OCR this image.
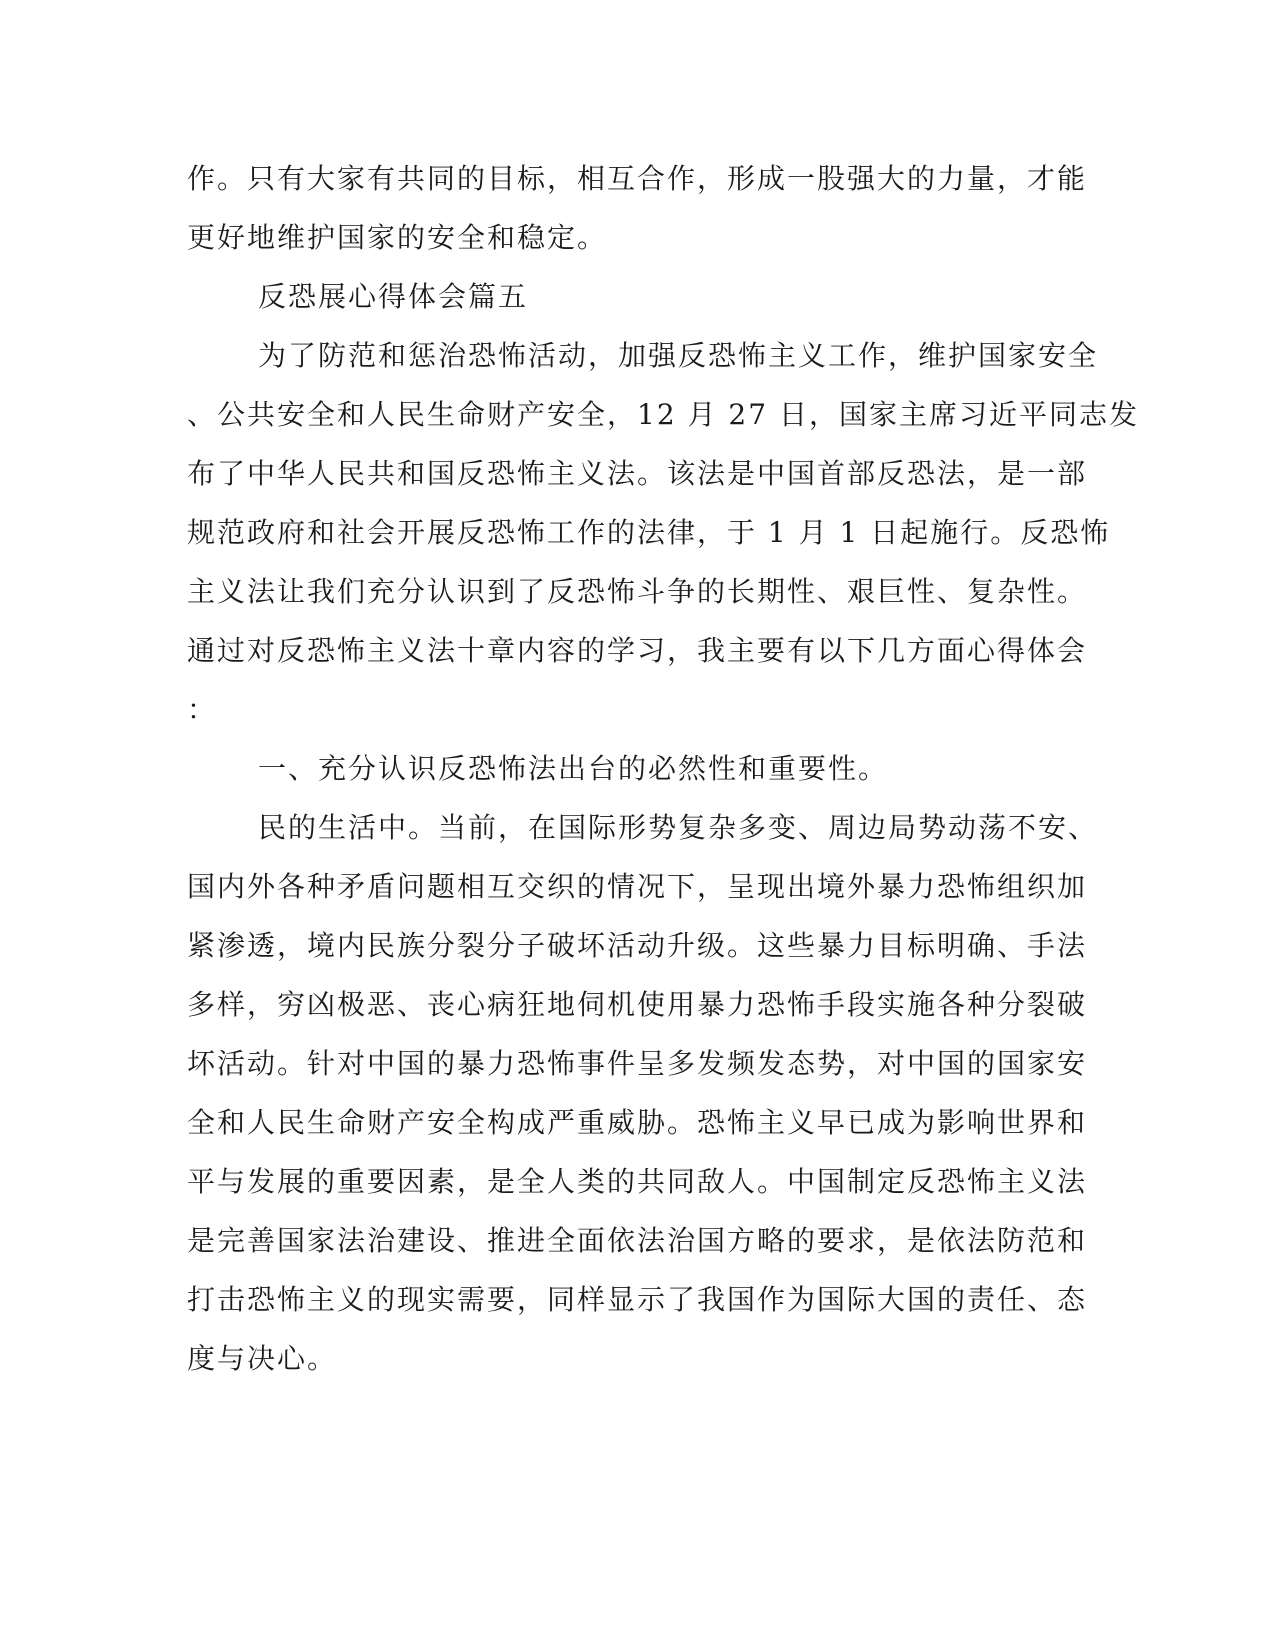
作。只有大家有共同的目标，相互合作，形成一股强大的力量，才能
更好地维护国家的安全和稳定。
反恐展心得体会篇五
为了防范和惩治恐怖活动，加强反恐怖主义工作，维护国家安全
、公共安全和人民生命财产安全，12 月 27 日，国家主席习近平同志发
布了中华人民共和国反恐怖主义法。该法是中国首部反恐法，是一部
规范政府和社会开展反恐怖工作的法律，于 1 月 1 日起施行。反恐怖
主义法让我们充分认识到了反恐怖斗争的长期性、艰巨性、复杂性。
通过对反恐怖主义法十章内容的学习，我主要有以下几方面心得体会
：
一、充分认识反恐怖法出台的必然性和重要性。
民的生活中。当前，在国际形势复杂多变、周边局势动荡不安、
国内外各种矛盾问题相互交织的情况下，呈现出境外暴力恐怖组织加
紧渗透，境内民族分裂分子破坏活动升级。这些暴力目标明确、手法
多样，穷凶极恶、丧心病狂地伺机使用暴力恐怖手段实施各种分裂破
坏活动。针对中国的暴力恐怖事件呈多发频发态势，对中国的国家安
全和人民生命财产安全构成严重威胁。恐怖主义早已成为影响世界和
平与发展的重要因素，是全人类的共同敌人。中国制定反恐怖主义法
是完善国家法治建设、推进全面依法治国方略的要求，是依法防范和
打击恐怖主义的现实需要，同样显示了我国作为国际大国的责任、态
度与决心。
